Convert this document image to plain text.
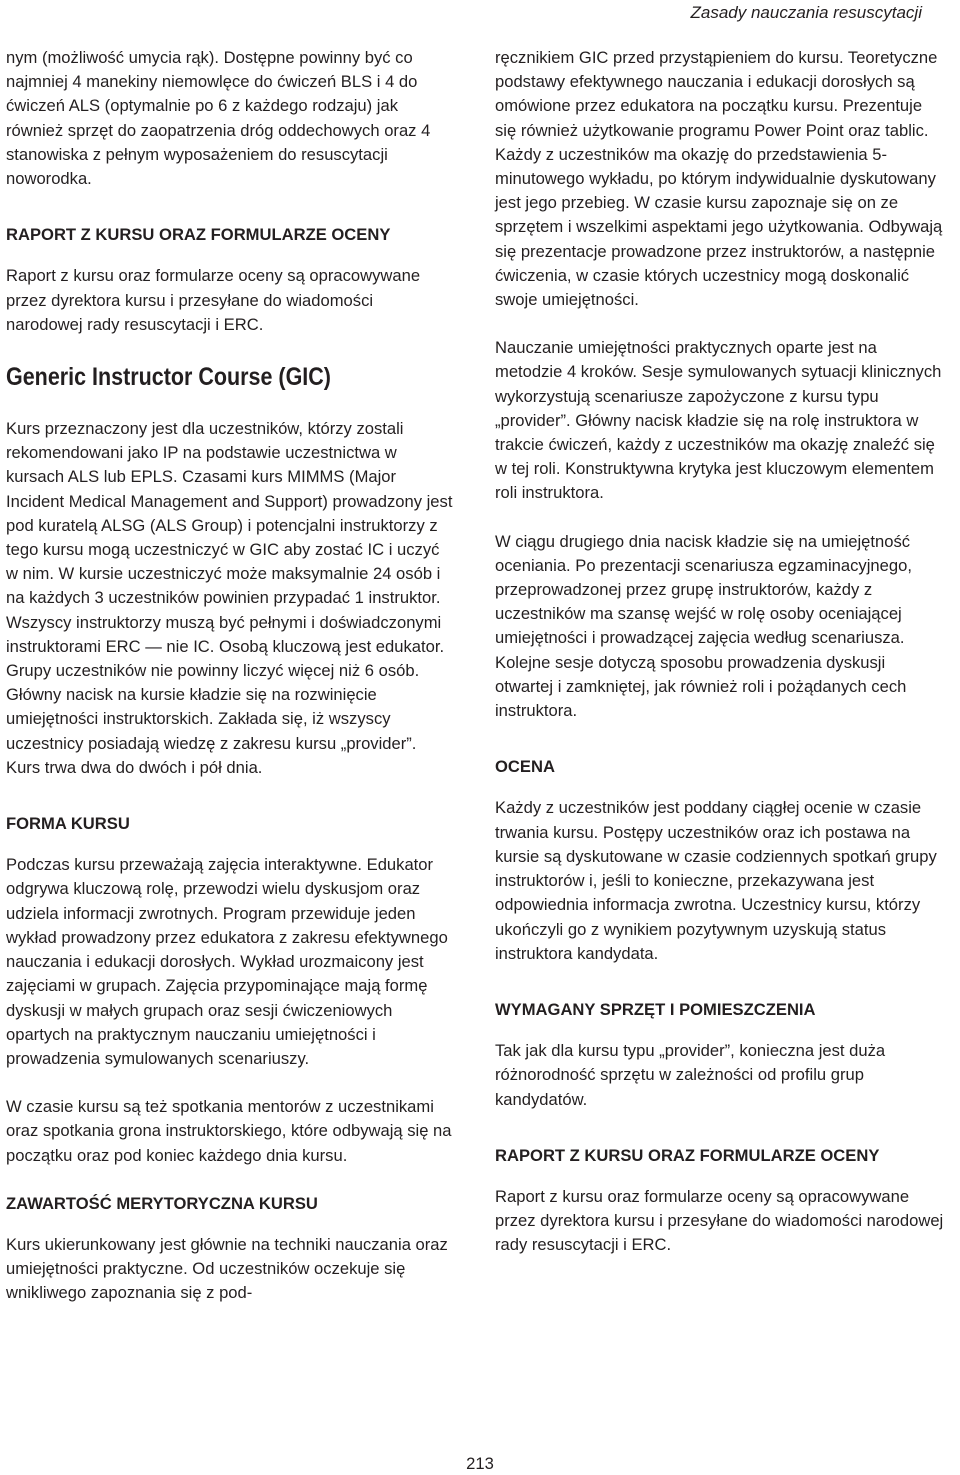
Zasady nauczania resuscytacji

nym (możliwość umycia rąk). Dostępne powinny być co najmniej 4 manekiny niemowlęce do ćwiczeń BLS i 4 do ćwiczeń ALS (optymalnie po 6 z każdego rodzaju) jak również sprzęt do zaopatrzenia dróg oddechowych oraz 4 stanowiska z pełnym wyposażeniem do resuscytacji noworodka.

RAPORT Z KURSU ORAZ FORMULARZE OCENY

Raport z kursu oraz formularze oceny są opracowywane przez dyrektora kursu i przesyłane do wiadomości narodowej rady resuscytacji i ERC.

Generic Instructor Course (GIC)

Kurs przeznaczony jest dla uczestników, którzy zostali rekomendowani jako IP na podstawie uczestnictwa w kursach ALS lub EPLS. Czasami kurs MIMMS (Major Incident Medical Management and Support) prowadzony jest pod kuratelą ALSG (ALS Group) i potencjalni instruktorzy z tego kursu mogą uczestniczyć w GIC aby zostać IC i uczyć w nim. W kursie uczestniczyć może maksymalnie 24 osób i na każdych 3 uczestników powinien przypadać 1 instruktor. Wszyscy instruktorzy muszą być pełnymi i doświadczonymi instruktorami ERC — nie IC. Osobą kluczową jest edukator. Grupy uczestników nie powinny liczyć więcej niż 6 osób. Główny nacisk na kursie kładzie się na rozwinięcie umiejętności instruktorskich. Zakłada się, iż wszyscy uczestnicy posiadają wiedzę z zakresu kursu „provider”. Kurs trwa dwa do dwóch i pół dnia.

FORMA KURSU

Podczas kursu przeważają zajęcia interaktywne. Edukator odgrywa kluczową rolę, przewodzi wielu dyskusjom oraz udziela informacji zwrotnych. Program przewiduje jeden wykład prowadzony przez edukatora z zakresu efektywnego nauczania i edukacji dorosłych. Wykład urozmaicony jest zajęciami w grupach. Zajęcia przypominające mają formę dyskusji w małych grupach oraz sesji ćwiczeniowych opartych na praktycznym nauczaniu umiejętności i prowadzenia symulowanych scenariuszy.

W czasie kursu są też spotkania mentorów z uczestnikami oraz spotkania grona instruktorskiego, które odbywają się na początku oraz pod koniec każdego dnia kursu.

ZAWARTOŚĆ MERYTORYCZNA KURSU

Kurs ukierunkowany jest głównie na techniki nauczania oraz umiejętności praktyczne. Od uczestników oczekuje się wnikliwego zapoznania się z pod-

ręcznikiem GIC przed przystąpieniem do kursu. Teoretyczne podstawy efektywnego nauczania i edukacji dorosłych są omówione przez edukatora na początku kursu. Prezentuje się również użytkowanie programu Power Point oraz tablic. Każdy z uczestników ma okazję do przedstawienia 5-minutowego wykładu, po którym indywidualnie dyskutowany jest jego przebieg. W czasie kursu zapoznaje się on ze sprzętem i wszelkimi aspektami jego użytkowania. Odbywają się prezentacje prowadzone przez instruktorów, a następnie ćwiczenia, w czasie których uczestnicy mogą doskonalić swoje umiejętności.

Nauczanie umiejętności praktycznych oparte jest na metodzie 4 kroków. Sesje symulowanych sytuacji klinicznych wykorzystują scenariusze zapożyczone z kursu typu „provider”. Główny nacisk kładzie się na rolę instruktora w trakcie ćwiczeń, każdy z uczestników ma okazję znaleźć się w tej roli. Konstruktywna krytyka jest kluczowym elementem roli instruktora.

W ciągu drugiego dnia nacisk kładzie się na umiejętność oceniania. Po prezentacji scenariusza egzaminacyjnego, przeprowadzonej przez grupę instruktorów, każdy z uczestników ma szansę wejść w rolę osoby oceniającej umiejętności i prowadzącej zajęcia według scenariusza. Kolejne sesje dotyczą sposobu prowadzenia dyskusji otwartej i zamkniętej, jak również roli i pożądanych cech instruktora.

OCENA

Każdy z uczestników jest poddany ciągłej ocenie w czasie trwania kursu. Postępy uczestników oraz ich postawa na kursie są dyskutowane w czasie codziennych spotkań grupy instruktorów i, jeśli to konieczne, przekazywana jest odpowiednia informacja zwrotna. Uczestnicy kursu, którzy ukończyli go z wynikiem pozytywnym uzyskują status instruktora kandydata.

WYMAGANY SPRZĘT I POMIESZCZENIA

Tak jak dla kursu typu „provider”, konieczna jest duża różnorodność sprzętu w zależności od profilu grup kandydatów.

RAPORT Z KURSU ORAZ FORMULARZE OCENY

Raport z kursu oraz formularze oceny są opracowywane przez dyrektora kursu i przesyłane do wiadomości narodowej rady resuscytacji i ERC.

213
